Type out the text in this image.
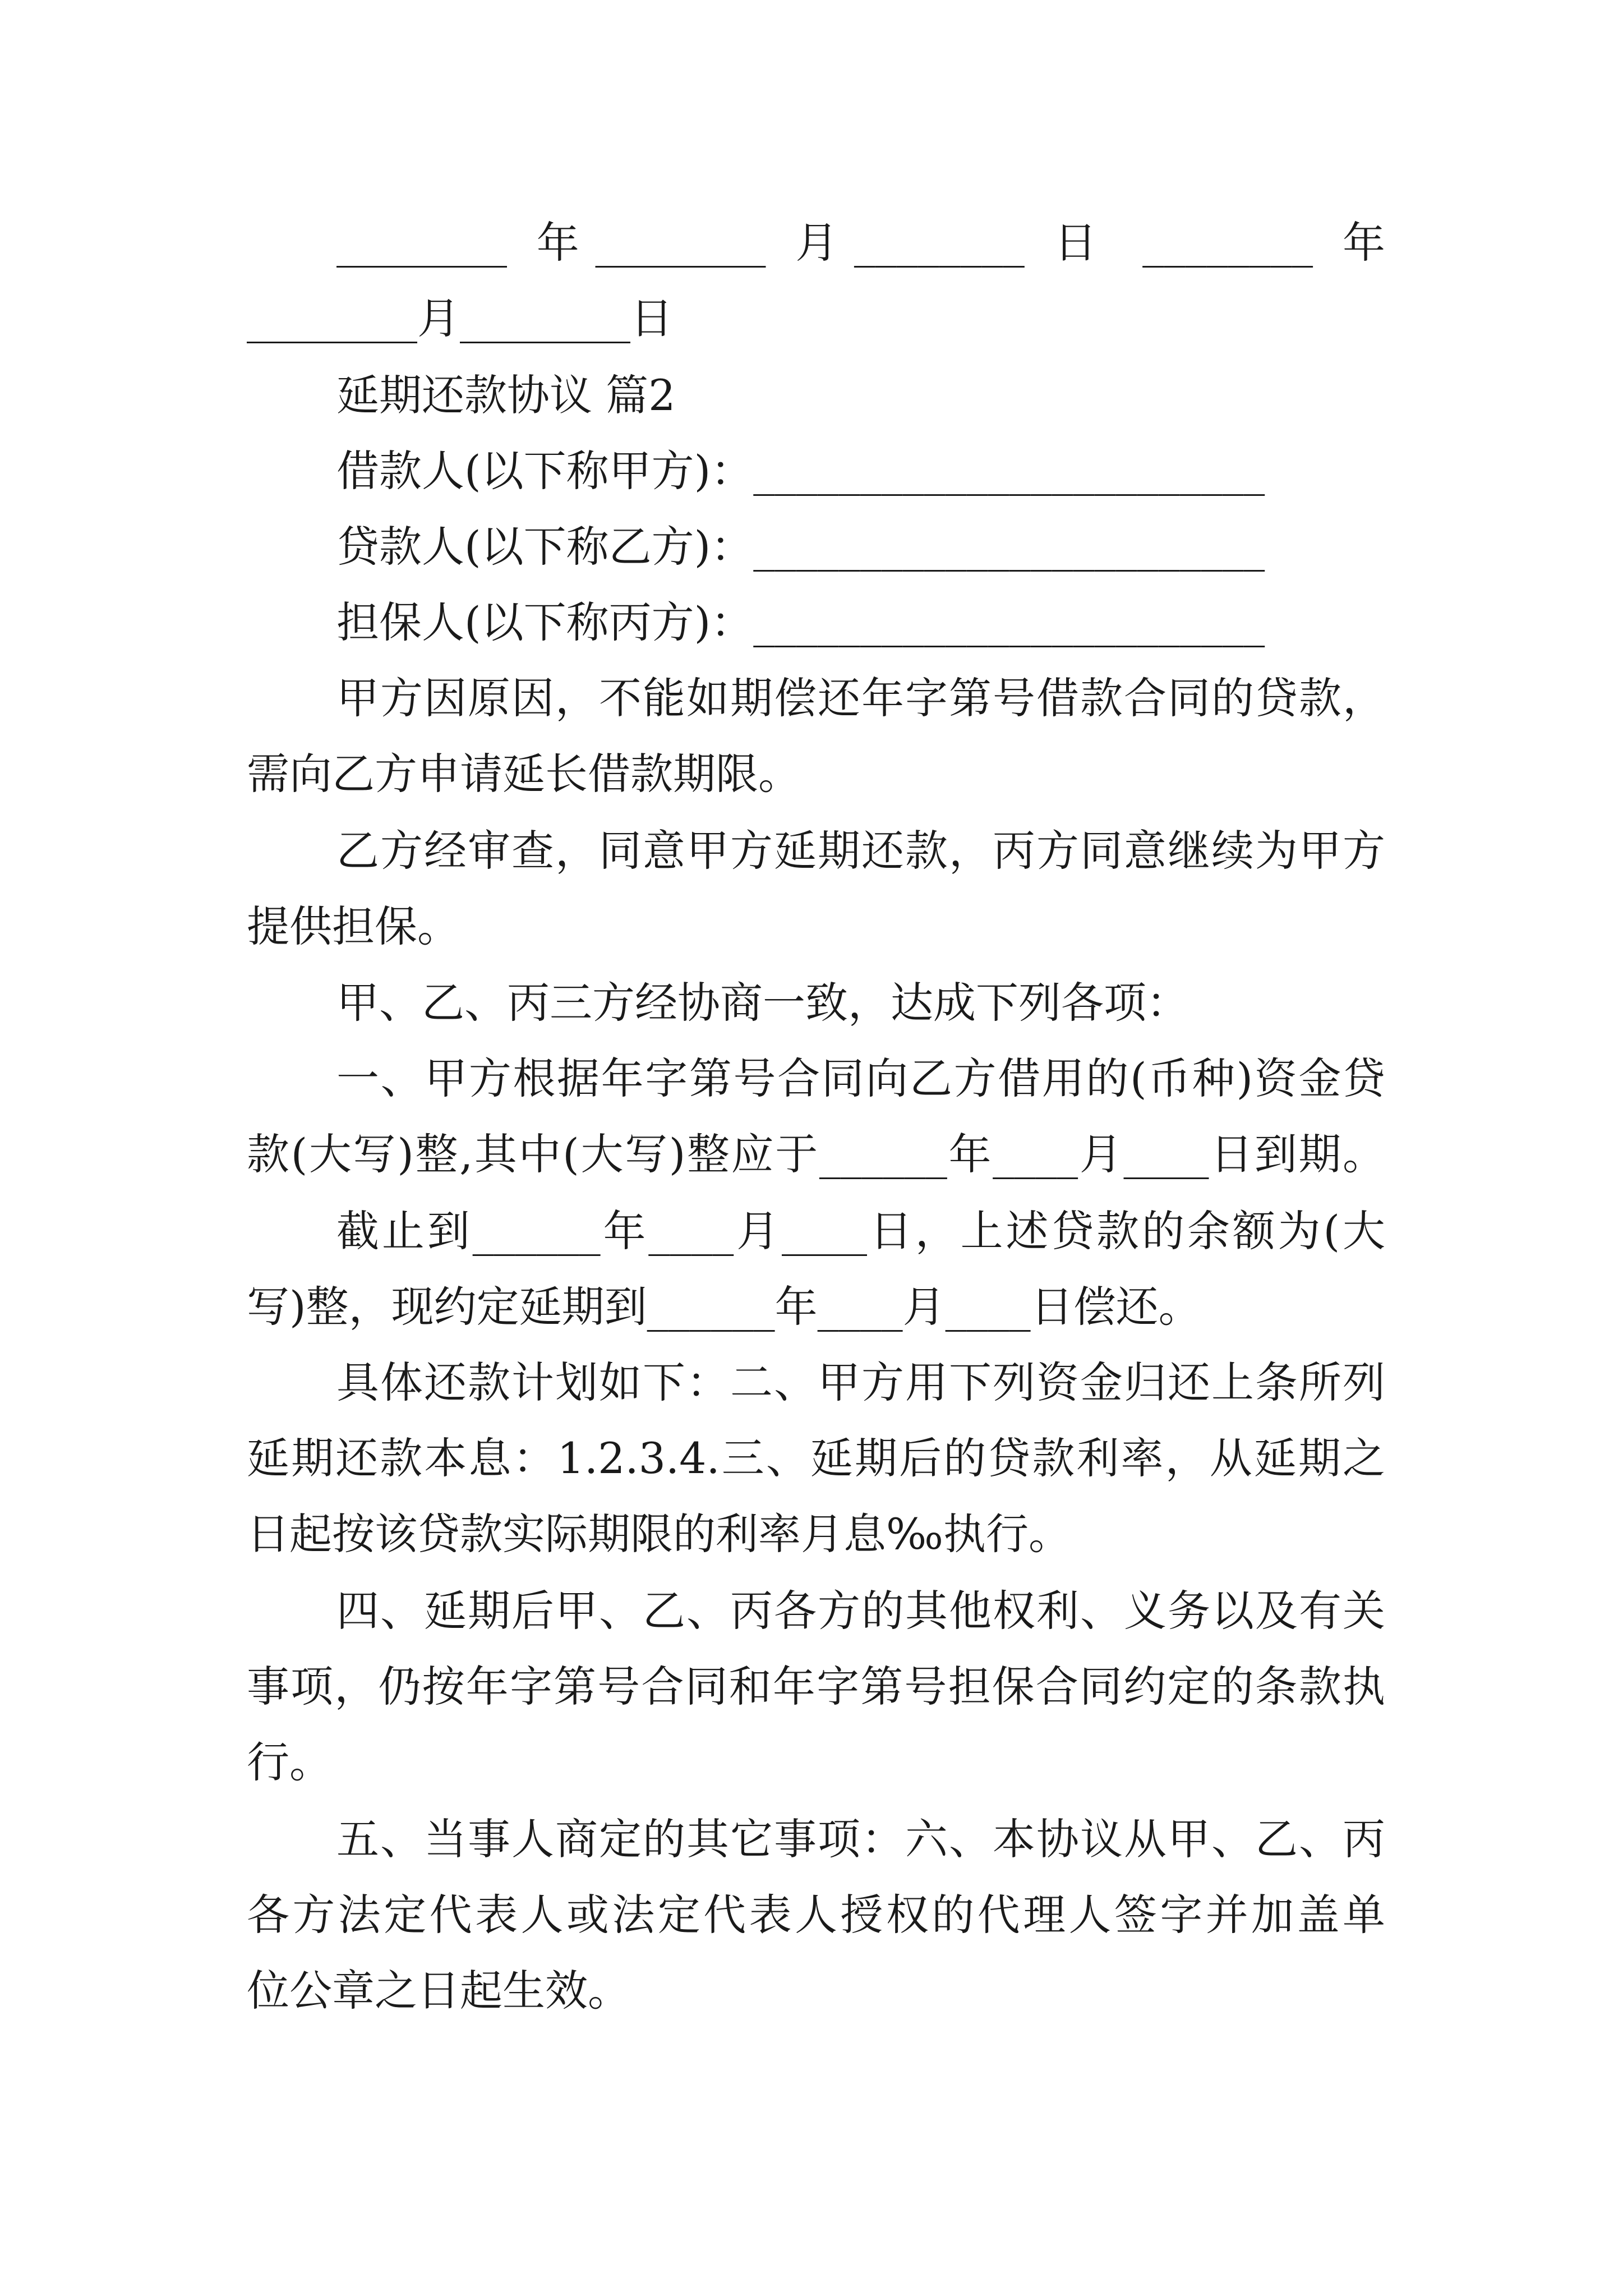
________ 年________ 月________ 日 ________ 年
________月________日
延期还款协议 篇2
借款人(以下称甲方)：________________________
贷款人(以下称乙方)：________________________
担保人(以下称丙方)：________________________
甲方因原因，不能如期偿还年字第号借款合同的贷款，
需向乙方申请延长借款期限。
乙方经审查，同意甲方延期还款，丙方同意继续为甲方
提供担保。
甲、乙、丙三方经协商一致，达成下列各项：
一、甲方根据年字第号合同向乙方借用的(币种)资金贷
款(大写)整,其中(大写)整应于______年____月____日到期。
截止到______年____月____日，上述贷款的余额为(大
写)整，现约定延期到______年____月____日偿还。
具体还款计划如下：二、甲方用下列资金归还上条所列
延期还款本息：1.2.3.4.三、延期后的贷款利率，从延期之
日起按该贷款实际期限的利率月息‰执行。
四、延期后甲、乙、丙各方的其他权利、义务以及有关
事项，仍按年字第号合同和年字第号担保合同约定的条款执
行。
五、当事人商定的其它事项：六、本协议从甲、乙、丙
各方法定代表人或法定代表人授权的代理人签字并加盖单
位公章之日起生效。
